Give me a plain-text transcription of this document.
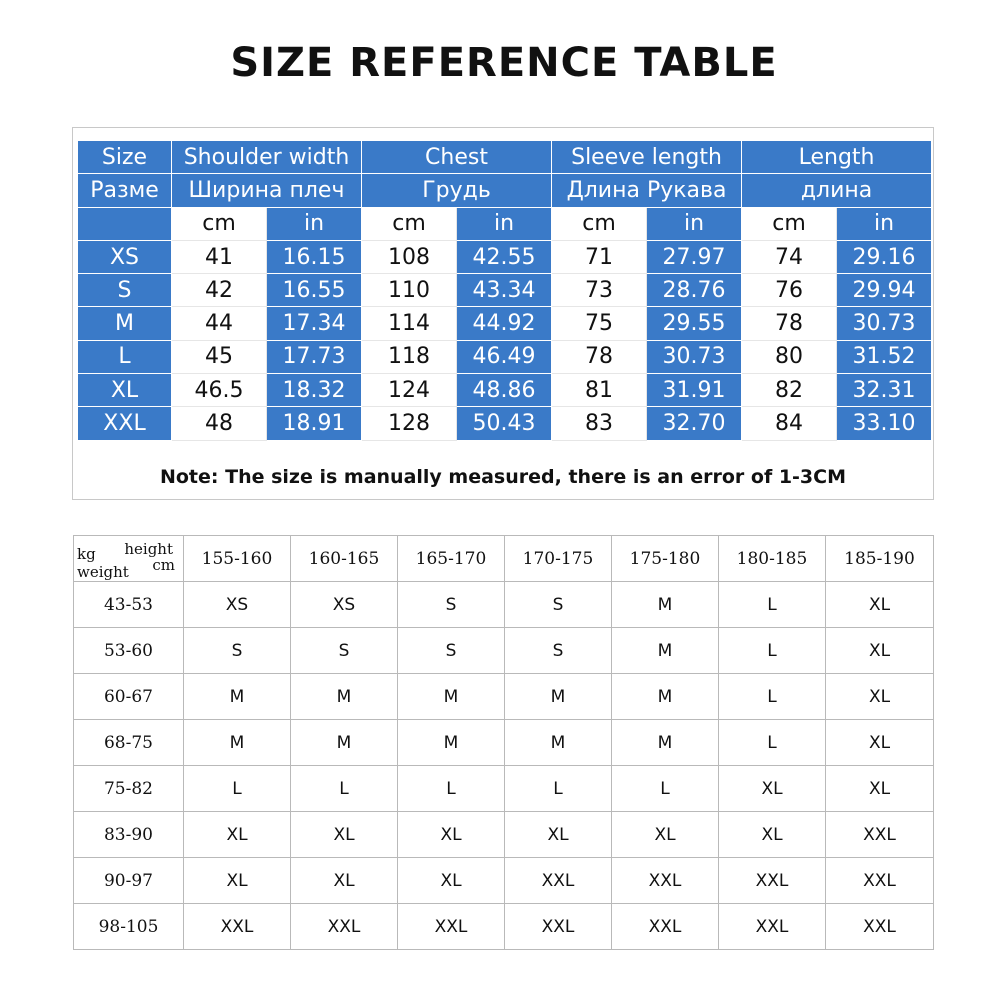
SIZE REFERENCE TABLE
Size	Shoulder width		Chest		Sleeve length		Length	
Разме	Ширина плеч		Грудь		Длина Рукава		длина	
	cm	in	cm	in	cm	in	cm	in
XS	41	16.15	108	42.55	71	27.97	74	29.16
S	42	16.55	110	43.34	73	28.76	76	29.94
M	44	17.34	114	44.92	75	29.55	78	30.73
L	45	17.73	118	46.49	78	30.73	80	31.52
XL	46.5	18.32	124	48.86	81	31.91	82	32.31
XXL	48	18.91	128	50.43	83	32.70	84	33.10
Note: The size is manually measured, there is an error of 1-3CM
height
cm
kg
weight	155-160	160-165	165-170	170-175	175-180	180-185	185-190
43-53	XS	XS	S	S	M	L	XL
53-60	S	S	S	S	M	L	XL
60-67	M	M	M	M	M	L	XL
68-75	M	M	M	M	M	L	XL
75-82	L	L	L	L	L	XL	XL
83-90	XL	XL	XL	XL	XL	XL	XXL
90-97	XL	XL	XL	XXL	XXL	XXL	XXL
98-105	XXL	XXL	XXL	XXL	XXL	XXL	XXL
